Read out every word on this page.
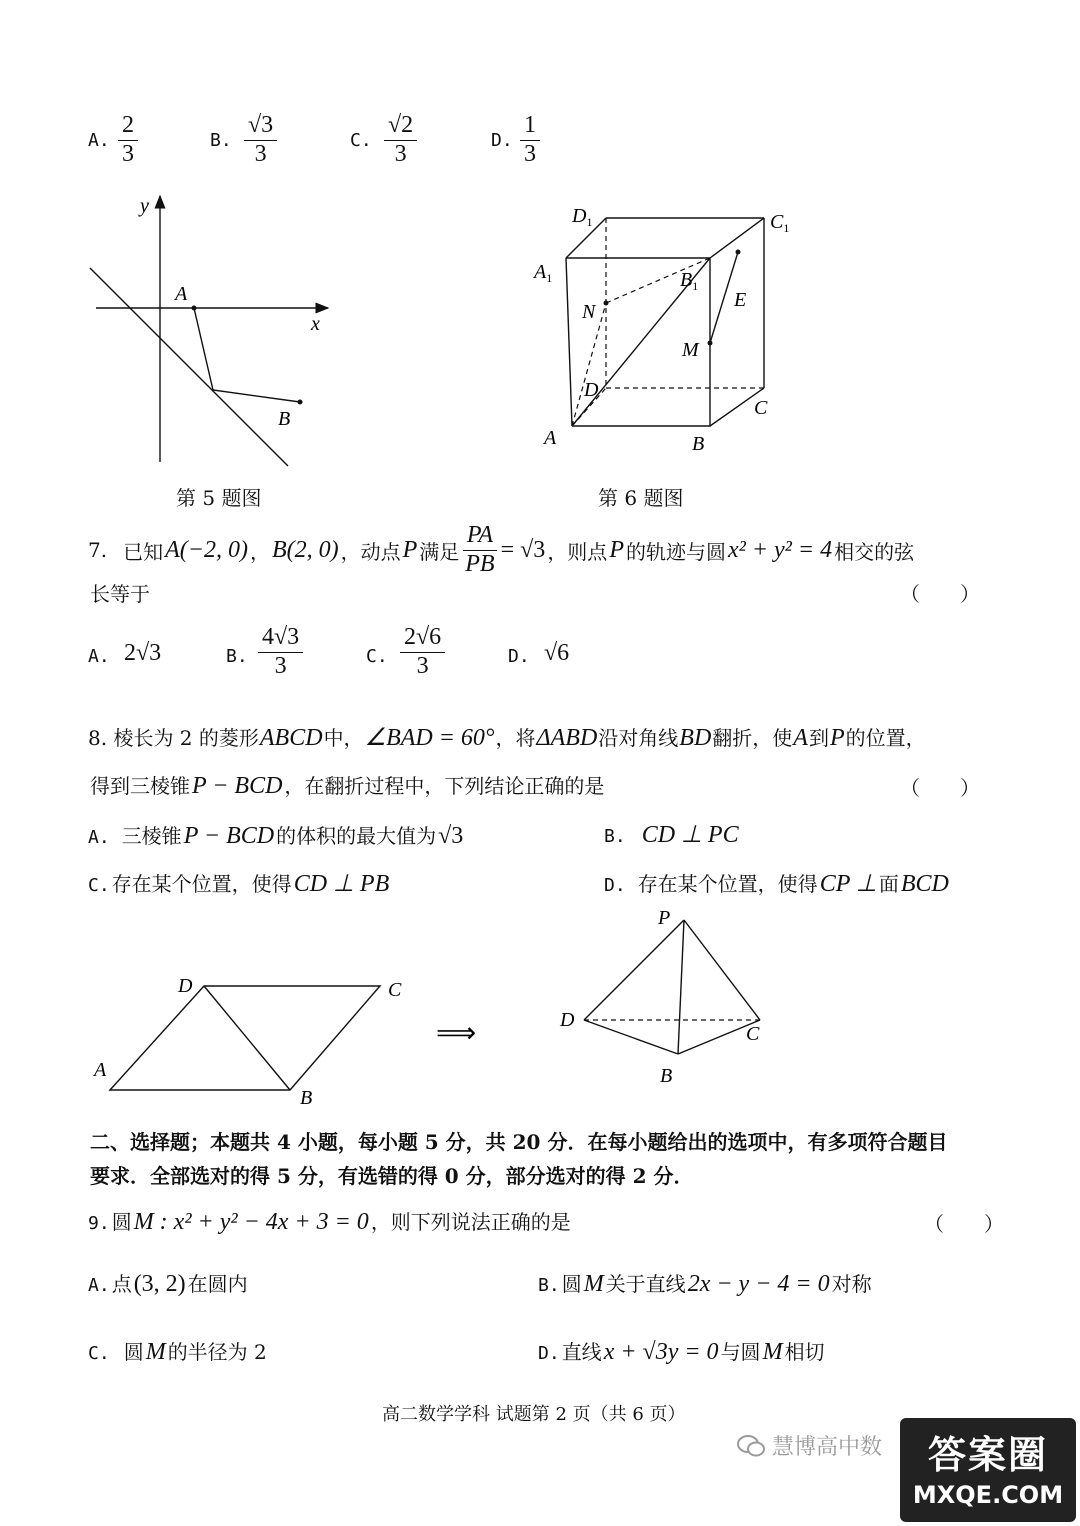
A. $\frac{2}{3}$	B. $\frac{√3}{3}$	C. $\frac{√2}{3}$	D. $\frac{1}{3}$
y
x
A
B
第 5 题图
$D_1$	$C_1$
$A_1$	$B_1$
N
E
M
D
C
A	B
第 6 题图
7. 已知 A(−2, 0) ， B(2, 0) ，动点 P 满足 $\frac{PA}{PB} = √3$ ，则点 P 的轨迹与圆 x² + y² = 4 相交的弦
长等于	（　　）
A. 2√3	B. $\frac{4√3}{3}$	C. $\frac{2√6}{3}$	D. √6
8. 棱长为 2 的菱形 ABCD 中， ∠BAD = 60° ，将 ΔABD 沿对角线 BD 翻折，使 A 到 P 的位置，
得到三棱锥 P − BCD ，在翻折过程中，下列结论正确的是	（　　）
A. 三棱锥 P − BCD 的体积的最大值为 √3	B. CD ⊥ PC
C. 存在某个位置，使得 CD ⊥ PB	D. 存在某个位置，使得 CP ⊥ 面 BCD
A
D	C
B
⟹
P
D
C
B
二、选择题；本题共 4 小题，每小题 5 分，共 20 分．在每小题给出的选项中，有多项符合题目
要求．全部选对的得 5 分，有选错的得 0 分，部分选对的得 2 分．
9. 圆 M : x² + y² − 4x + 3 = 0 ，则下列说法正确的是	（　　）
A. 点 (3, 2) 在圆内	B. 圆 M 关于直线 2x − y − 4 = 0 对称
C. 圆 M 的半径为 2	D. 直线 x + √3y = 0 与圆 M 相切
高二数学学科 试题第 2 页（共 6 页）
慧博高中数	答案圈
MXQE.COM
